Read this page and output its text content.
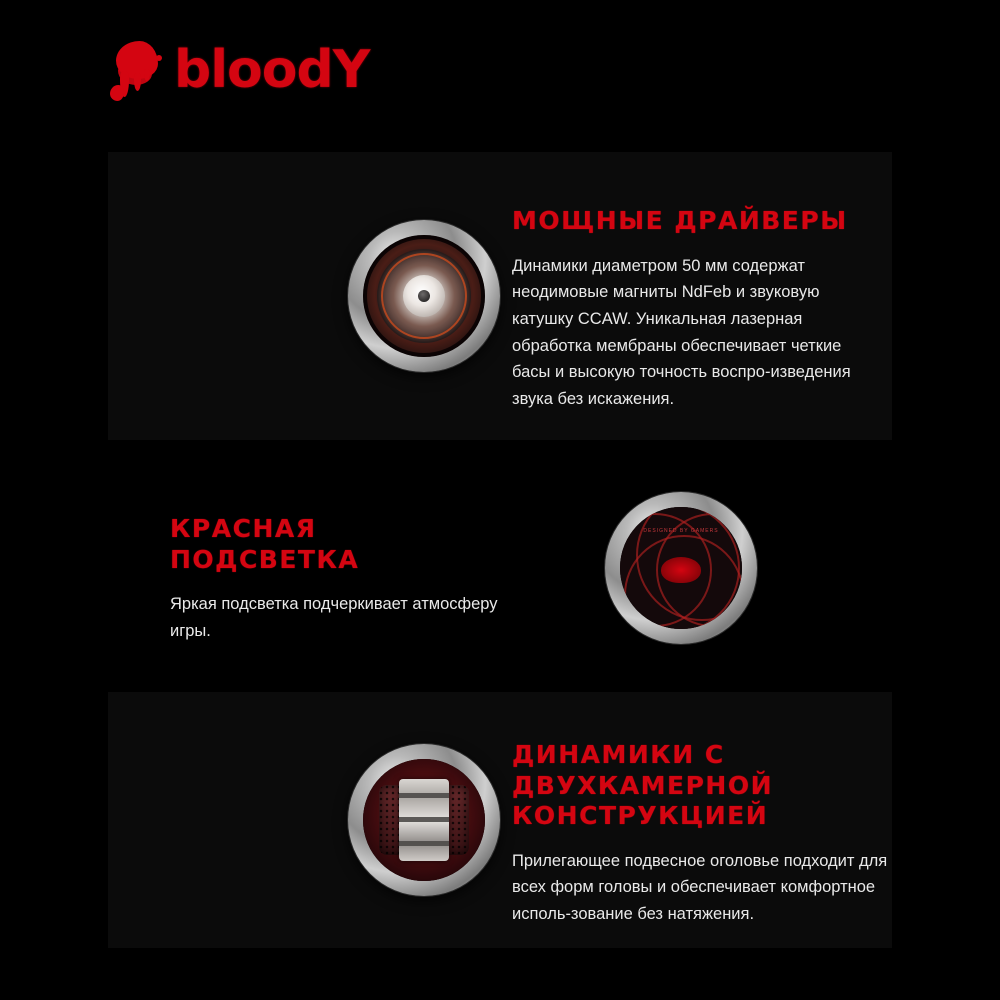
bloodY
МОЩНЫЕ ДРАЙВЕРЫ

Динамики диаметром 50 мм содержат неодимовые магниты NdFeb и звуковую катушку CCAW. Уникальная лазерная обработка мембраны обеспечивает четкие басы и высокую точность воспро-изведения звука без искажения.

КРАСНАЯ ПОДСВЕТКА

Яркая подсветка подчеркивает атмосферу игры.

DESIGNED BY GAMERS
ДИНАМИКИ С ДВУХКАМЕРНОЙ КОНСТРУКЦИЕЙ

Прилегающее подвесное оголовье подходит для всех форм головы и обеспечивает комфортное исполь-зование без натяжения.
